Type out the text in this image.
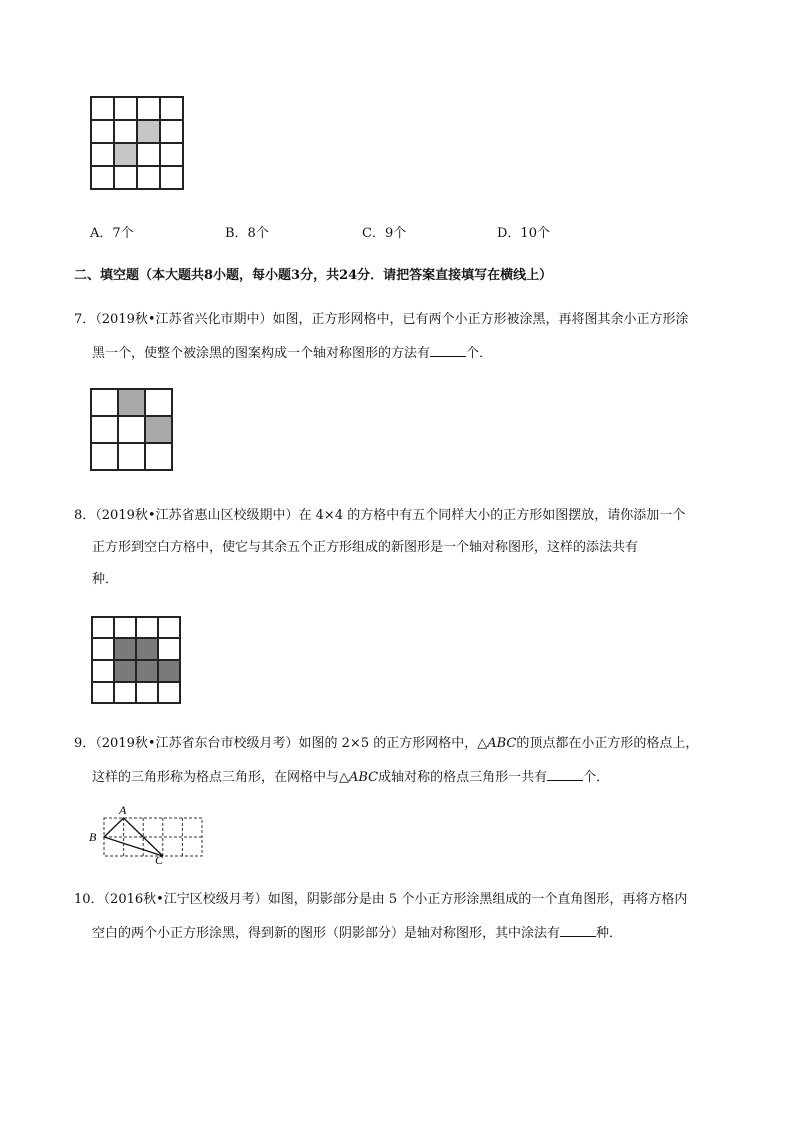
A．7个	B．8个	C．9个	D．10个
二、填空题（本大题共8小题，每小题3分，共24分．请把答案直接填写在横线上）
7．（2019秋•江苏省兴化市期中）如图，正方形网格中，已有两个小正方形被涂黑，再将图其余小正方形涂
黑一个，使整个被涂黑的图案构成一个轴对称图形的方法有	个．

8．（2019秋•江苏省惠山区校级期中）在 4×4 的方格中有五个同样大小的正方形如图摆放，请你添加一个
正方形到空白方格中，使它与其余五个正方形组成的新图形是一个轴对称图形，这样的添法共有
种．

9．（2019秋•江苏省东台市校级月考）如图的 2×5 的正方形网格中，△ABC的顶点都在小正方形的格点上，
这样的三角形称为格点三角形，在网格中与△ABC成轴对称的格点三角形一共有	个．
A
B
C
10．（2016秋•江宁区校级月考）如图，阴影部分是由 5 个小正方形涂黑组成的一个直角图形，再将方格内
空白的两个小正方形涂黑，得到新的图形（阴影部分）是轴对称图形，其中涂法有	种．
